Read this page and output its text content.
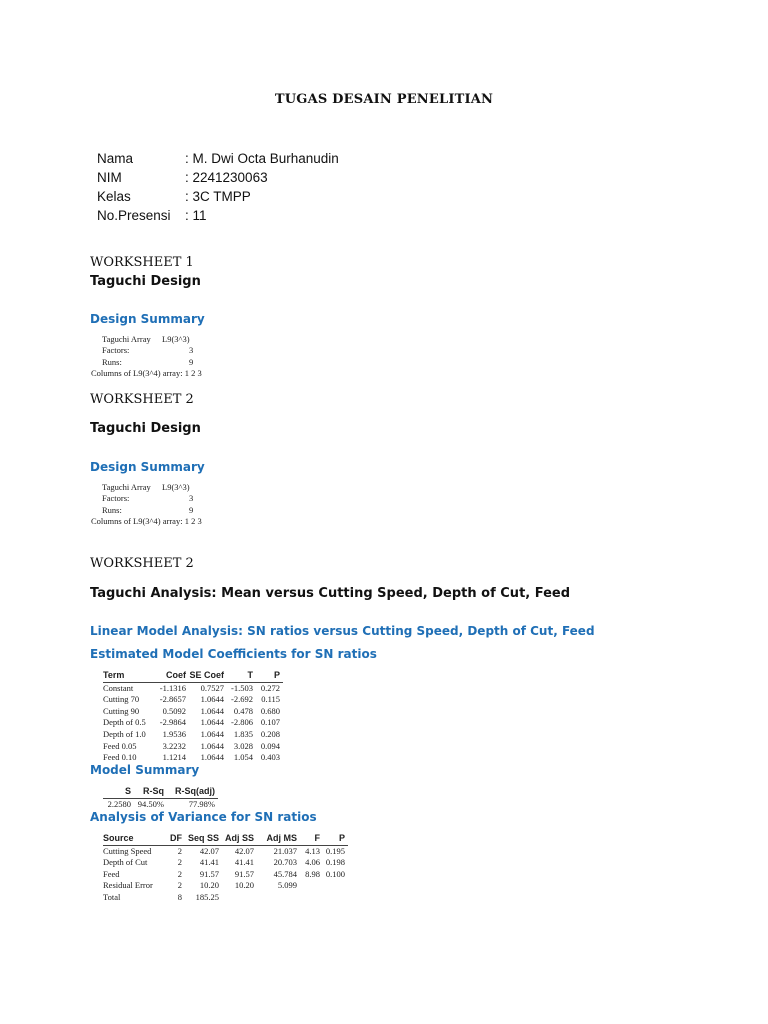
TUGAS DESAIN PENELITIAN
Nama	: M. Dwi Octa Burhanudin
NIM	: 2241230063
Kelas	: 3C TMPP
No.Presensi : 11
WORKSHEET 1
Taguchi Design
Design Summary
Taguchi Array L9(3^3)
Factors:	3
Runs:	9
Columns of L9(3^4) array: 1 2 3
WORKSHEET 2
Taguchi Design
Design Summary
Taguchi Array L9(3^3)
Factors:	3
Runs:	9
Columns of L9(3^4) array: 1 2 3
WORKSHEET 2
Taguchi Analysis: Mean versus Cutting Speed, Depth of Cut, Feed
Linear Model Analysis: SN ratios versus Cutting Speed, Depth of Cut, Feed
Estimated Model Coefficients for SN ratios
Term	Coef	SE Coef	T	P
Constant	-1.1316	0.7527	-1.503	0.272
Cutting 70	-2.8657	1.0644	-2.692	0.115
Cutting 90	0.5092	1.0644	0.478	0.680
Depth of 0.5	-2.9864	1.0644	-2.806	0.107
Depth of 1.0	1.9536	1.0644	1.835	0.208
Feed 0.05	3.2232	1.0644	3.028	0.094
Feed 0.10	1.1214	1.0644	1.054	0.403
Model Summary
S	R-Sq	R-Sq(adj)
2.2580	94.50%	77.98%
Analysis of Variance for SN ratios
Source	DF	Seq SS	Adj SS	Adj MS	F	P
Cutting Speed	2	42.07	42.07	21.037	4.13	0.195
Depth of Cut	2	41.41	41.41	20.703	4.06	0.198
Feed	2	91.57	91.57	45.784	8.98	0.100
Residual Error	2	10.20	10.20	5.099		
Total	8	185.25				
